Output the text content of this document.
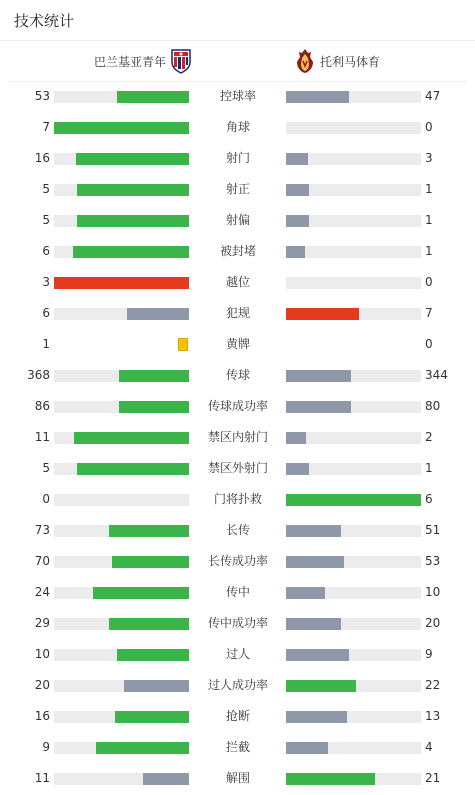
技术统计
巴兰基亚青年	托利马体育
53	控球率	47
7	角球	0
16	射门	3
5	射正	1
5	射偏	1
6	被封堵	1
3	越位	0
6	犯规	7
1	黄牌	0
368	传球	344
86	传球成功率	80
11	禁区内射门	2
5	禁区外射门	1
0	门将扑救	6
73	长传	51
70	长传成功率	53
24	传中	10
29	传中成功率	20
10	过人	9
20	过人成功率	22
16	抢断	13
9	拦截	4
11	解围	21
